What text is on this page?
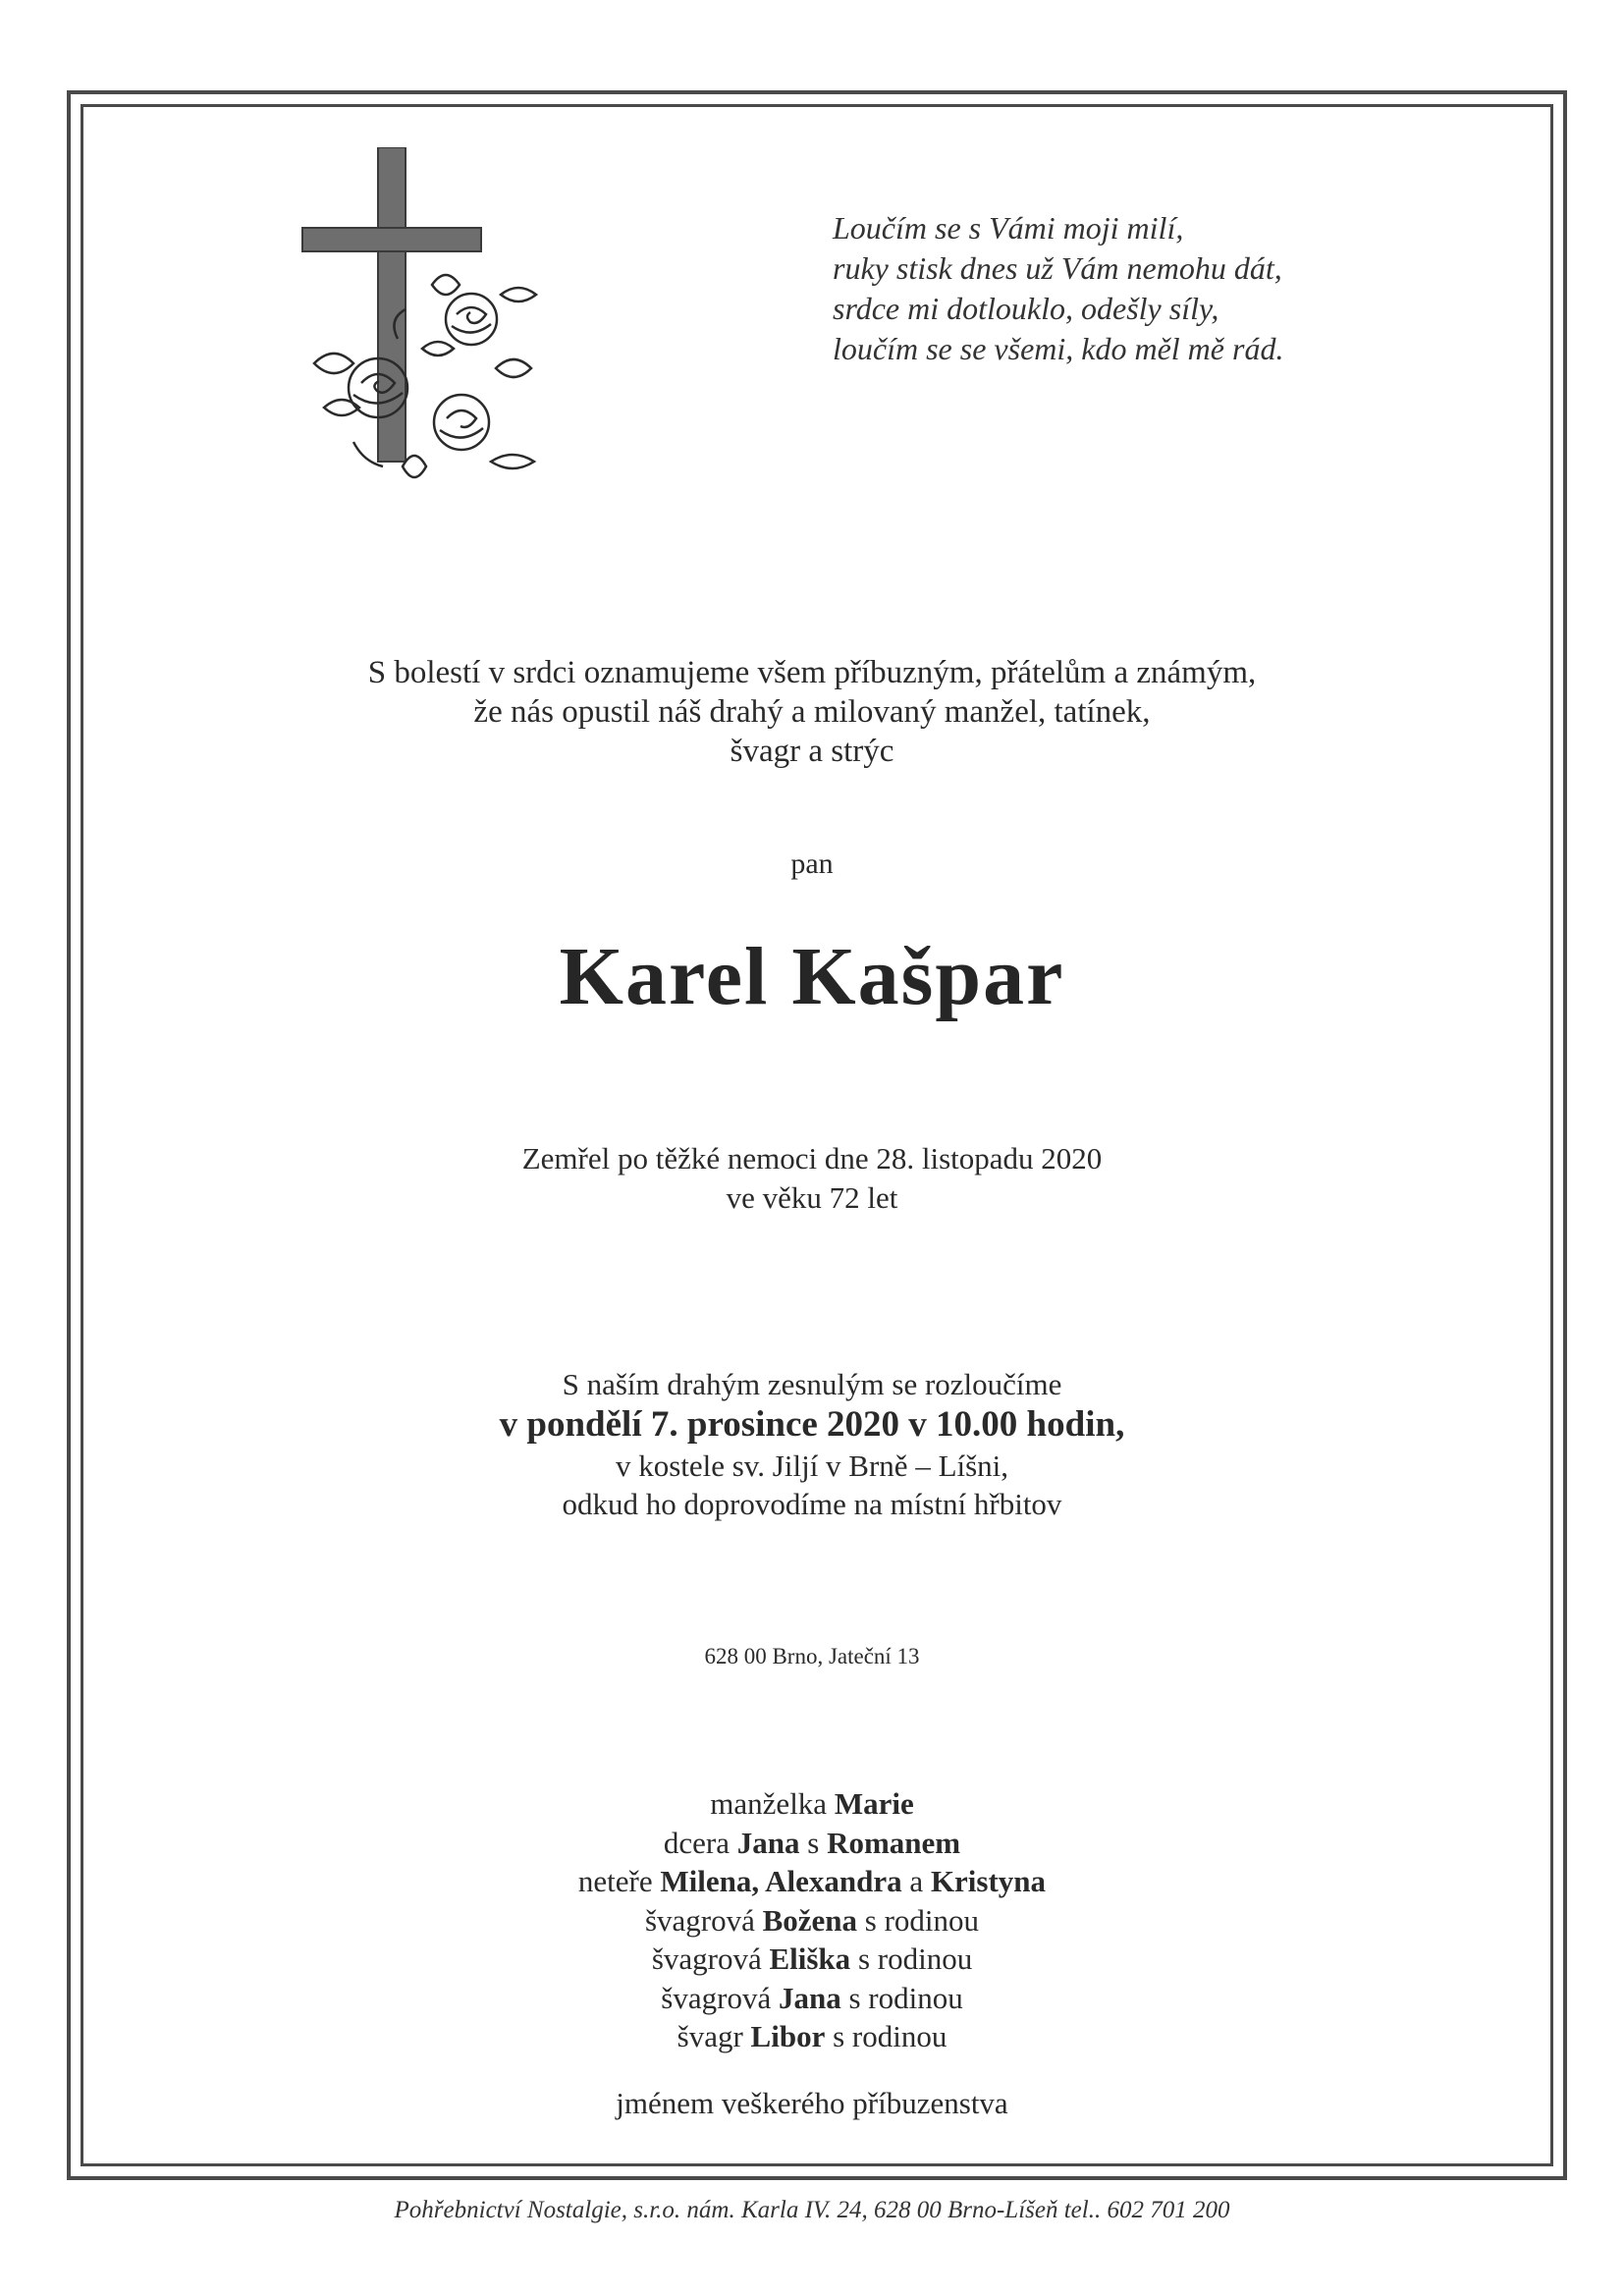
Loučím se s Vámi moji milí,
ruky stisk dnes už Vám nemohu dát,
srdce mi dotlouklo, odešly síly,
loučím se se všemi, kdo měl mě rád.
S bolestí v srdci oznamujeme všem příbuzným, přátelům a známým,
že nás opustil náš drahý a milovaný manžel, tatínek,
švagr a strýc
pan
Karel Kašpar
Zemřel po těžké nemoci dne 28. listopadu 2020
ve věku 72 let
S naším drahým zesnulým se rozloučíme
v pondělí 7. prosince 2020 v 10.00 hodin,
v kostele sv. Jiljí v Brně – Líšni,
odkud ho doprovodíme na místní hřbitov
628 00 Brno, Jateční 13
manželka Marie
dcera Jana s Romanem
neteře Milena, Alexandra a Kristyna
švagrová Božena s rodinou
švagrová Eliška s rodinou
švagrová Jana s rodinou
švagr Libor s rodinou
jménem veškerého příbuzenstva
Pohřebnictví Nostalgie, s.r.o. nám. Karla IV. 24, 628 00 Brno-Líšeň tel.. 602 701 200
